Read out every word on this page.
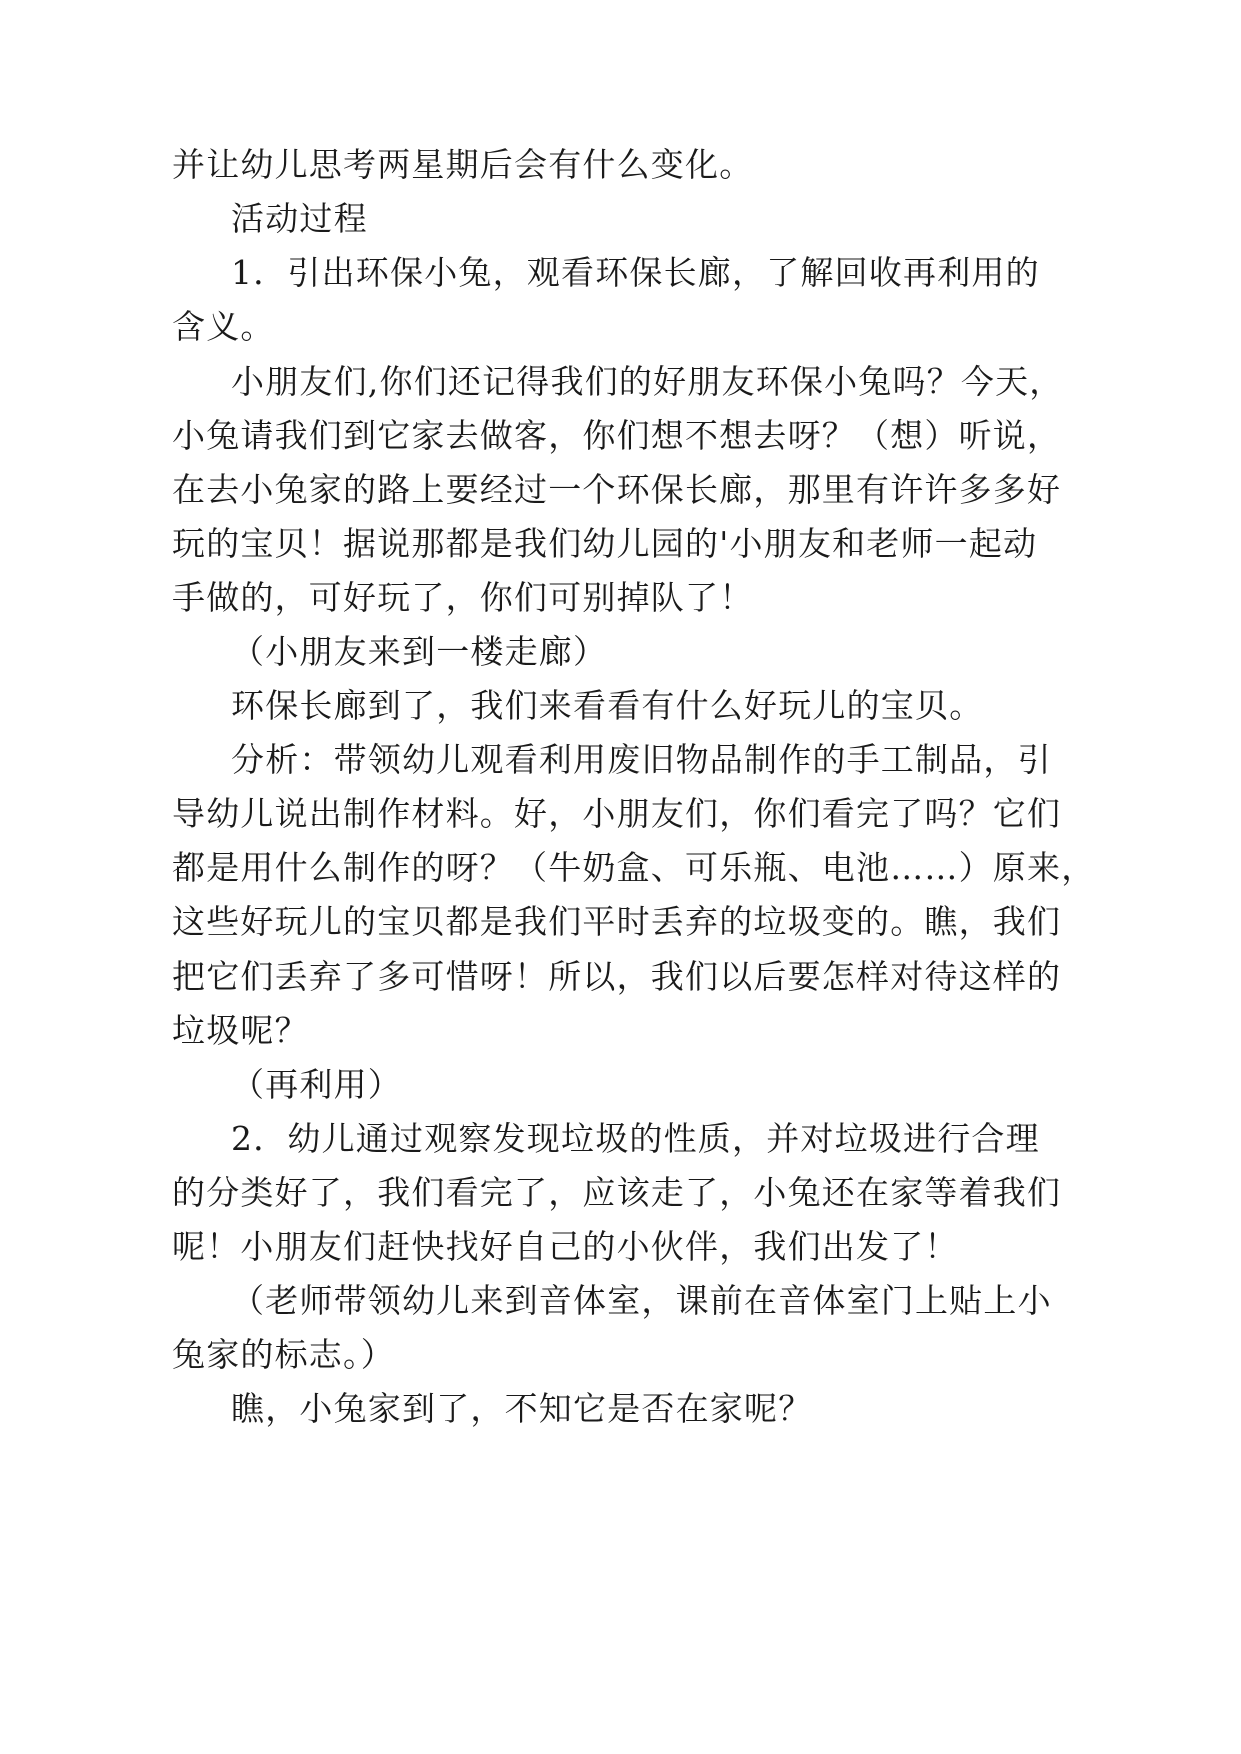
并让幼儿思考两星期后会有什么变化。
活动过程
1．引出环保小兔，观看环保长廊，了解回收再利用的
含义。
小朋友们,你们还记得我们的好朋友环保小兔吗？今天，
小兔请我们到它家去做客，你们想不想去呀？（想）听说，
在去小兔家的路上要经过一个环保长廊，那里有许许多多好
玩的宝贝！据说那都是我们幼儿园的'小朋友和老师一起动
手做的，可好玩了，你们可别掉队了！
（小朋友来到一楼走廊）
环保长廊到了，我们来看看有什么好玩儿的宝贝。
分析：带领幼儿观看利用废旧物品制作的手工制品，引
导幼儿说出制作材料。好，小朋友们，你们看完了吗？它们
都是用什么制作的呀？（牛奶盒、可乐瓶、电池……）原来，
这些好玩儿的宝贝都是我们平时丢弃的垃圾变的。瞧，我们
把它们丢弃了多可惜呀！所以，我们以后要怎样对待这样的
垃圾呢？
（再利用）
2．幼儿通过观察发现垃圾的性质，并对垃圾进行合理
的分类好了，我们看完了，应该走了，小兔还在家等着我们
呢！小朋友们赶快找好自己的小伙伴，我们出发了！
（老师带领幼儿来到音体室，课前在音体室门上贴上小
兔家的标志。）
瞧，小兔家到了，不知它是否在家呢？
